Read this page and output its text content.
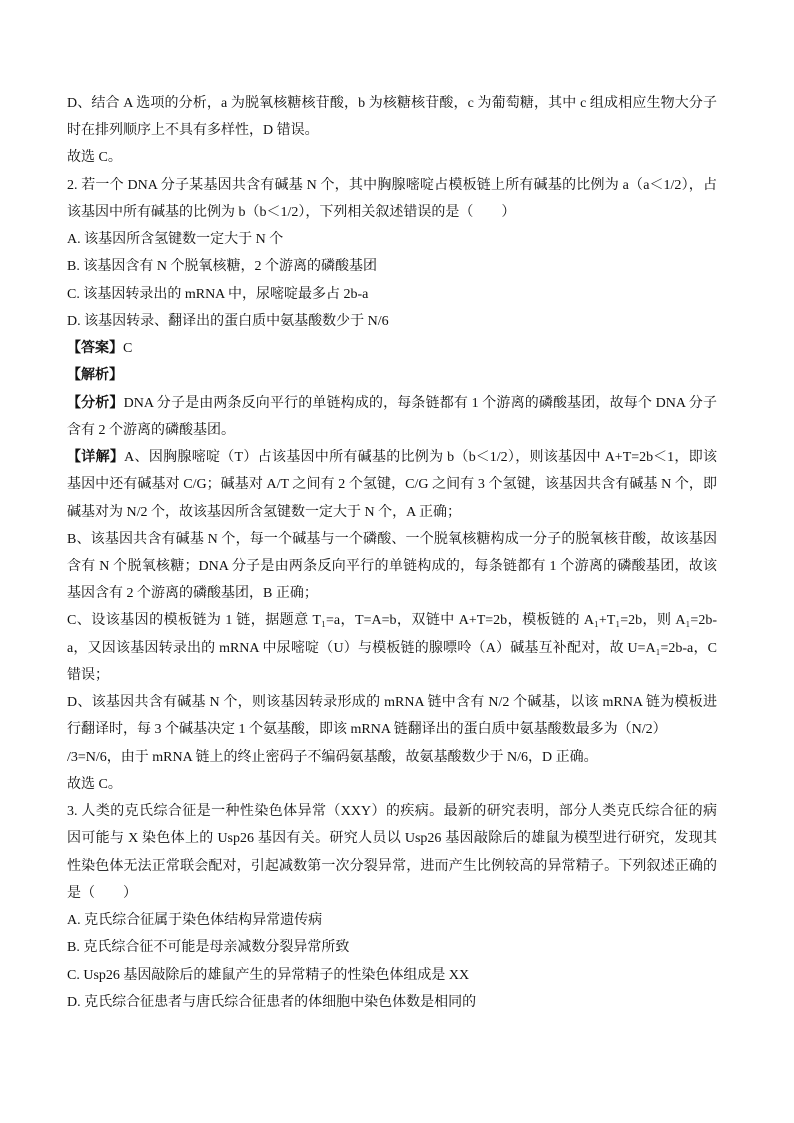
D、结合 A 选项的分析，a 为脱氧核糖核苷酸，b 为核糖核苷酸，c 为葡萄糖，其中 c 组成相应生物大分子
时在排列顺序上不具有多样性，D 错误。
故选 C。
2. 若一个 DNA 分子某基因共含有碱基 N 个，其中胸腺嘧啶占模板链上所有碱基的比例为 a（a＜1/2），占
该基因中所有碱基的比例为 b（b＜1/2），下列相关叙述错误的是（　　）
A. 该基因所含氢键数一定大于 N 个
B. 该基因含有 N 个脱氧核糖，2 个游离的磷酸基团
C. 该基因转录出的 mRNA 中，尿嘧啶最多占 2b-a
D. 该基因转录、翻译出的蛋白质中氨基酸数少于 N/6
【答案】C
【解析】
【分析】DNA 分子是由两条反向平行的单链构成的，每条链都有 1 个游离的磷酸基团，故每个 DNA 分子
含有 2 个游离的磷酸基团。
【详解】A、因胸腺嘧啶（T）占该基因中所有碱基的比例为 b（b＜1/2），则该基因中 A+T=2b＜1，即该
基因中还有碱基对 C/G；碱基对 A/T 之间有 2 个氢键，C/G 之间有 3 个氢键，该基因共含有碱基 N 个，即
碱基对为 N/2 个，故该基因所含氢键数一定大于 N 个，A 正确；
B、该基因共含有碱基 N 个，每一个碱基与一个磷酸、一个脱氧核糖构成一分子的脱氧核苷酸，故该基因
含有 N 个脱氧核糖；DNA 分子是由两条反向平行的单链构成的，每条链都有 1 个游离的磷酸基团，故该
基因含有 2 个游离的磷酸基团，B 正确；
C、设该基因的模板链为 1 链，据题意 T₁=a，T=A=b，双链中 A+T=2b，模板链的 A₁+T₁=2b，则 A₁=2b-
a，又因该基因转录出的 mRNA 中尿嘧啶（U）与模板链的腺嘌呤（A）碱基互补配对，故 U=A₁=2b-a，C
错误；
D、该基因共含有碱基 N 个，则该基因转录形成的 mRNA 链中含有 N/2 个碱基，以该 mRNA 链为模板进
行翻译时，每 3 个碱基决定 1 个氨基酸，即该 mRNA 链翻译出的蛋白质中氨基酸数最多为（N/2）
/3=N/6，由于 mRNA 链上的终止密码子不编码氨基酸，故氨基酸数少于 N/6，D 正确。
故选 C。
3. 人类的克氏综合征是一种性染色体异常（XXY）的疾病。最新的研究表明，部分人类克氏综合征的病
因可能与 X 染色体上的 Usp26 基因有关。研究人员以 Usp26 基因敲除后的雄鼠为模型进行研究，发现其
性染色体无法正常联会配对，引起减数第一次分裂异常，进而产生比例较高的异常精子。下列叙述正确的
是（　　）
A. 克氏综合征属于染色体结构异常遗传病
B. 克氏综合征不可能是母亲减数分裂异常所致
C. Usp26 基因敲除后的雄鼠产生的异常精子的性染色体组成是 XX
D. 克氏综合征患者与唐氏综合征患者的体细胞中染色体数是相同的
